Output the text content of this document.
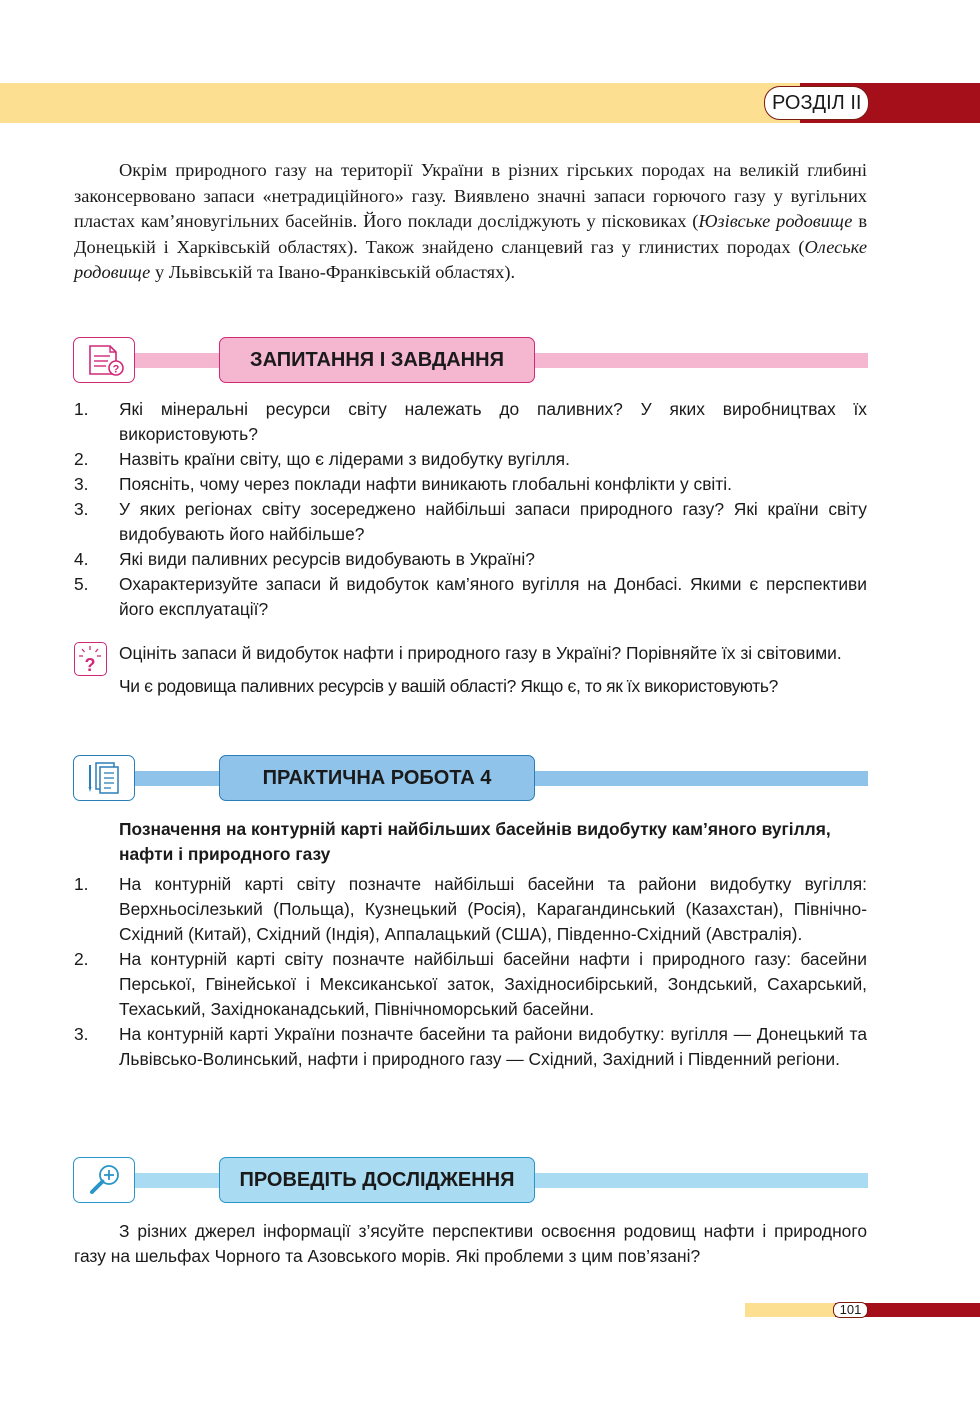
РОЗДІЛ II

Окрім природного газу на території України в різних гірських породах на великій глибині законсервовано запаси «нетрадиційного» газу. Виявлено значні запаси горючого газу у вугільних пластах кам’яновугільних басейнів. Його поклади досліджують у пісковиках (Юзівське родовище в Донецькій і Харківській областях). Також знайдено сланцевий газ у глинистих породах (Олеське родовище у Львівській та Івано-Франківській областях).

?	ЗАПИТАННЯ І ЗАВДАННЯ
1. Які мінеральні ресурси світу належать до паливних? У яких виробництвах їх використовують?
2. Назвіть країни світу, що є лідерами з видобутку вугілля.
3. Поясніть, чому через поклади нафти виникають глобальні конфлікти у світі.
3. У яких регіонах світу зосереджено найбільші запаси природного газу? Які країни світу видобувають його найбільше?
4. Які види паливних ресурсів видобувають в Україні?
5. Охарактеризуйте запаси й видобуток кам’яного вугілля на Донбасі. Якими є перспективи його експлуатації?
?

Оцініть запаси й видобуток нафти і природного газу в Україні? Порівняйте їх зі світовими.

Чи є родовища паливних ресурсів у вашій області? Якщо є, то як їх використовують?

ПРАКТИЧНА РОБОТА 4
Позначення на контурній карті найбільших басейнів видобутку кам’яного вугілля, нафти і природного газу
1. На контурній карті світу позначте найбільші басейни та райони видобутку вугілля: Верхньосілезький (Польща), Кузнецький (Росія), Карагандинський (Казахстан), Північно-Східний (Китай), Східний (Індія), Аппалацький (США), Південно-Східний (Австралія).
2. На контурній карті світу позначте найбільші басейни нафти і природного газу: басейни Перської, Гвінейської і Мексиканської заток, Західносибірський, Зондський, Сахарський, Техаський, Західноканадський, Північноморський басейни.
3. На контурній карті України позначте басейни та райони видобутку: вугілля — Донецький та Львівсько-Волинський, нафти і природного газу — Східний, Західний і Південний регіони.
ПРОВЕДІТЬ ДОСЛІДЖЕННЯ

З різних джерел інформації з’ясуйте перспективи освоєння родовищ нафти і природного газу на шельфах Чорного та Азовського морів. Які проблеми з цим пов’язані?

101
